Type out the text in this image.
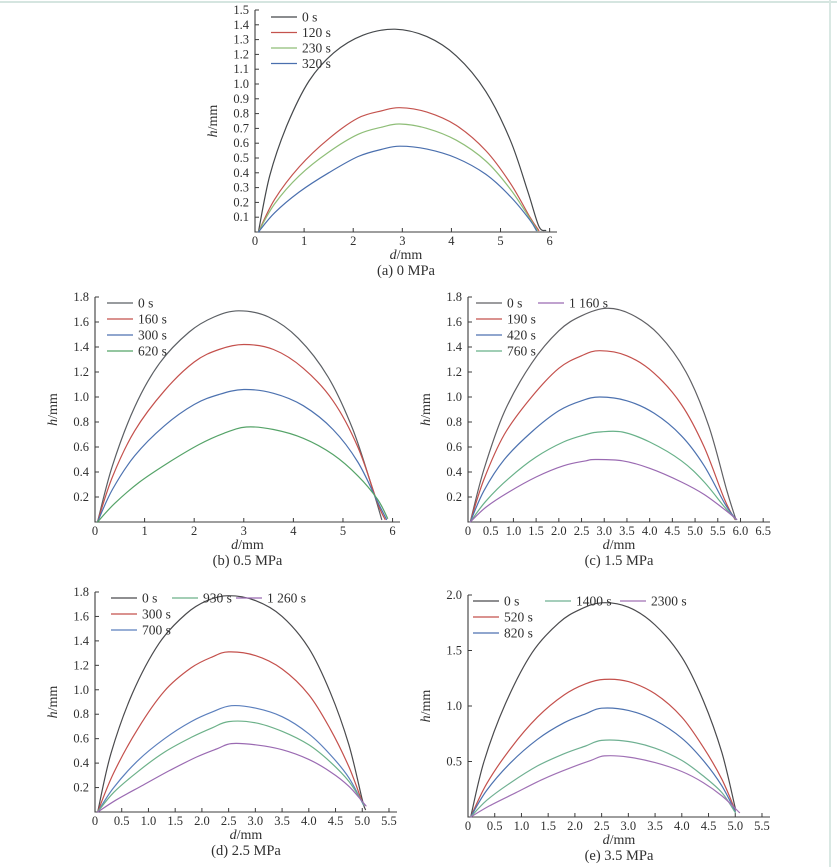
0	1	2	3	4	5	6
0.1
0.2
0.3
0.4
0.5
0.6
0.7
0.8
0.9
1.0
1.1
1.2
1.3
1.4
1.5
d/mm
h/mm
(a) 0 MPa
0 s
120 s
230 s
320 s
0	1	2	3	4	5	6
0.2
0.4
0.6
0.8
1.0
1.2
1.4
1.6
1.8
d/mm
h/mm
(b) 0.5 MPa
0 s
160 s
300 s
620 s
0 0.5 1.0 1.5 2.0 2.5 3.0 3.5 4.0 4.5 5.0 5.5 6.0 6.5
0.2
0.4
0.6
0.8
1.0
1.2
1.4
1.6
1.8
d/mm
h/mm
(c) 1.5 MPa
0 s
190 s
420 s
760 s
1 160 s
0 0.5 1.0 1.5 2.0 2.5 3.0 3.5 4.0 4.5 5.0 5.5
0.2
0.4
0.6
0.8
1.0
1.2
1.4
1.6
1.8
d/mm
h/mm
(d) 2.5 MPa
0 s
300 s
700 s
930 s	1 260 s
0 0.5 1.0 1.5 2.0 2.5 3.0 3.5 4.0 4.5 5.0 5.5
0.5
1.0
1.5
2.0
d/mm
h/mm
(e) 3.5 MPa
0 s
520 s
820 s
1400 s	2300 s
